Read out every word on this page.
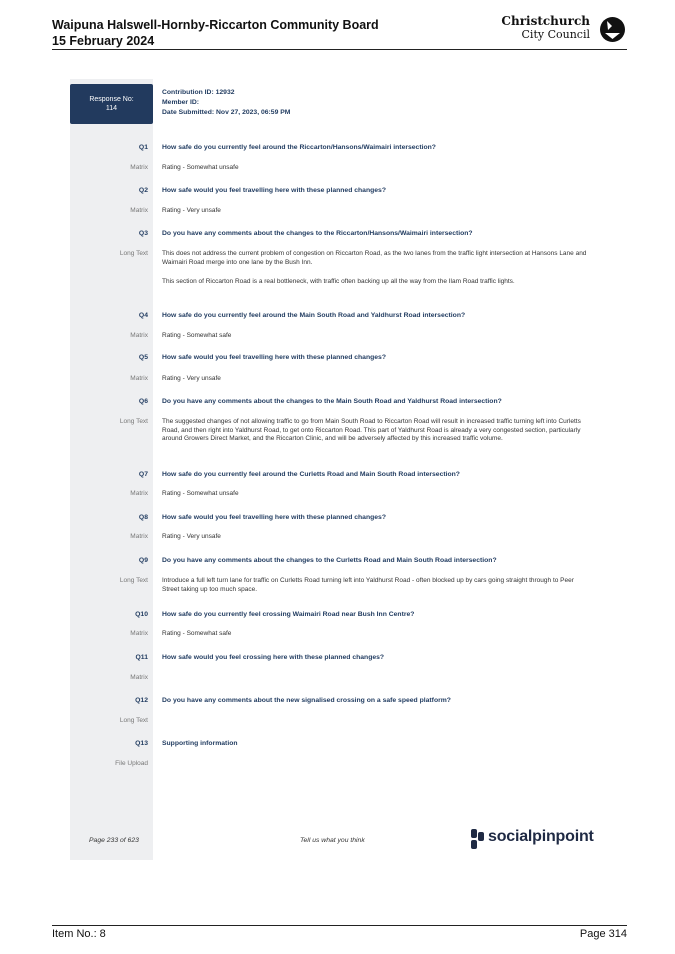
Waipuna Halswell-Hornby-Riccarton Community Board
15 February 2024
Christchurch
City Council
Response No:
114
Contribution ID: 12932
Member ID:
Date Submitted: Nov 27, 2023, 06:59 PM
Q1 How safe do you currently feel around the Riccarton/Hansons/Waimairi intersection?
Matrix Rating - Somewhat unsafe
Q2 How safe would you feel travelling here with these planned changes?
Matrix Rating - Very unsafe
Q3 Do you have any comments about the changes to the Riccarton/Hansons/Waimairi intersection?
Long Text This does not address the current problem of congestion on Riccarton Road, as the two lanes from the traffic light intersection at Hansons Lane and Waimairi Road merge into one lane by the Bush Inn.
This section of Riccarton Road is a real bottleneck, with traffic often backing up all the way from the Ilam Road traffic lights.
Q4 How safe do you currently feel around the Main South Road and Yaldhurst Road intersection?
Matrix Rating - Somewhat safe
Q5 How safe would you feel travelling here with these planned changes?
Matrix Rating - Very unsafe
Q6 Do you have any comments about the changes to the Main South Road and Yaldhurst Road intersection?
Long Text The suggested changes of not allowing traffic to go from Main South Road to Riccarton Road will result in increased traffic turning left into Curletts Road, and then right into Yaldhurst Road, to get onto Riccarton Road. This part of Yaldhurst Road is already a very congested section, particularly around Growers Direct Market, and the Riccarton Clinic, and will be adversely affected by this increased traffic volume.
Q7 How safe do you currently feel around the Curletts Road and Main South Road intersection?
Matrix Rating - Somewhat unsafe
Q8 How safe would you feel travelling here with these planned changes?
Matrix Rating - Very unsafe
Q9 Do you have any comments about the changes to the Curletts Road and Main South Road intersection?
Long Text Introduce a full left turn lane for traffic on Curletts Road turning left into Yaldhurst Road - often blocked up by cars going straight through to Peer Street taking up too much space.
Q10 How safe do you currently feel crossing Waimairi Road near Bush Inn Centre?
Matrix Rating - Somewhat safe
Q11 How safe would you feel crossing here with these planned changes?
Matrix
Q12 Do you have any comments about the new signalised crossing on a safe speed platform?
Long Text
Q13 Supporting information
File Upload
Page 233 of 623	Tell us what you think	socialpinpoint
Item No.: 8	Page 314
